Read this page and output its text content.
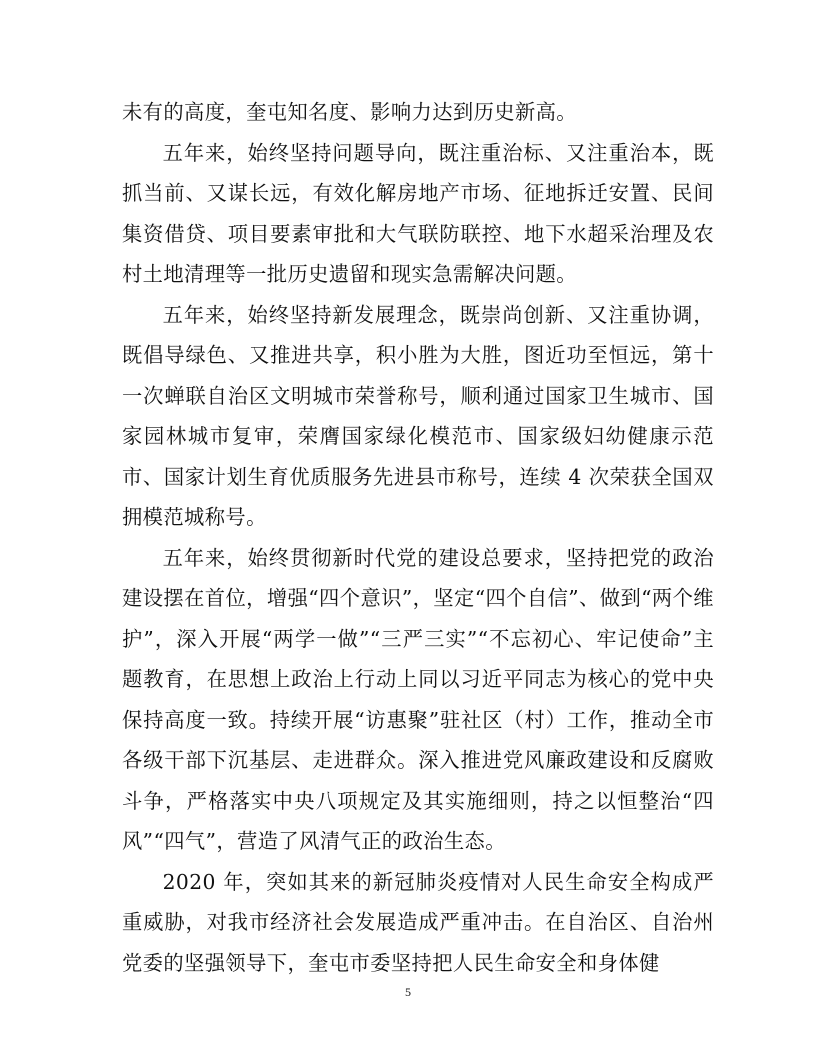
未有的高度，奎屯知名度、影响力达到历史新高。

五年来，始终坚持问题导向，既注重治标、又注重治本，既抓当前、又谋长远，有效化解房地产市场、征地拆迁安置、民间集资借贷、项目要素审批和大气联防联控、地下水超采治理及农村土地清理等一批历史遗留和现实急需解决问题。

五年来，始终坚持新发展理念，既崇尚创新、又注重协调，既倡导绿色、又推进共享，积小胜为大胜，图近功至恒远，第十一次蝉联自治区文明城市荣誉称号，顺利通过国家卫生城市、国家园林城市复审，荣膺国家绿化模范市、国家级妇幼健康示范市、国家计划生育优质服务先进县市称号，连续 4 次荣获全国双拥模范城称号。

五年来，始终贯彻新时代党的建设总要求，坚持把党的政治建设摆在首位，增强“四个意识”，坚定“四个自信”、做到“两个维护”，深入开展“两学一做”“三严三实”“不忘初心、牢记使命”主题教育，在思想上政治上行动上同以习近平同志为核心的党中央保持高度一致。持续开展“访惠聚”驻社区（村）工作，推动全市各级干部下沉基层、走进群众。深入推进党风廉政建设和反腐败斗争，严格落实中央八项规定及其实施细则，持之以恒整治“四风”“四气”，营造了风清气正的政治生态。

2020 年，突如其来的新冠肺炎疫情对人民生命安全构成严重威胁，对我市经济社会发展造成严重冲击。在自治区、自治州党委的坚强领导下，奎屯市委坚持把人民生命安全和身体健

5
